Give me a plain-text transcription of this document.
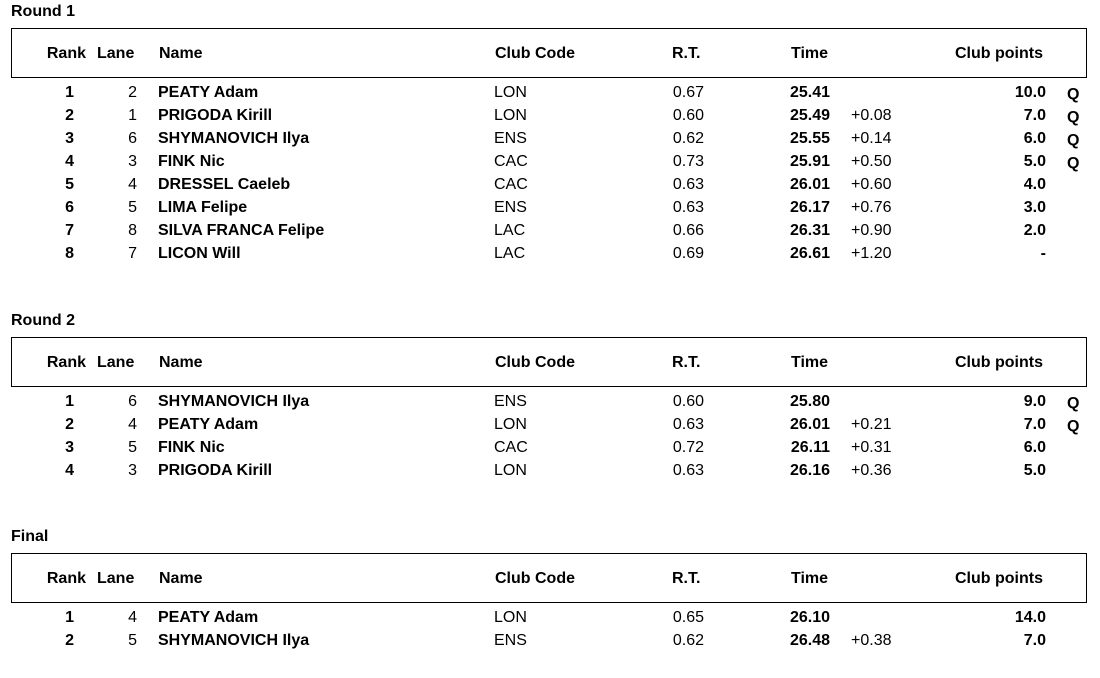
Round 1
Rank Lane Name	Club Code	R.T.	Time	Club points
1	2 PEATY Adam	LON	0.67	25.41	10.0 Q
2	1 PRIGODA Kirill	LON	0.60	25.49 +0.08	7.0 Q
3	6 SHYMANOVICH Ilya	ENS	0.62	25.55 +0.14	6.0 Q
4	3 FINK Nic	CAC	0.73	25.91 +0.50	5.0 Q
5	4 DRESSEL Caeleb	CAC	0.63	26.01 +0.60	4.0
6	5 LIMA Felipe	ENS	0.63	26.17 +0.76	3.0
7	8 SILVA FRANCA Felipe	LAC	0.66	26.31 +0.90	2.0
8	7 LICON Will	LAC	0.69	26.61 +1.20	-
Round 2
Rank Lane Name	Club Code	R.T.	Time	Club points
1	6 SHYMANOVICH Ilya	ENS	0.60	25.80	9.0 Q
2	4 PEATY Adam	LON	0.63	26.01 +0.21	7.0 Q
3	5 FINK Nic	CAC	0.72	26.11 +0.31	6.0
4	3 PRIGODA Kirill	LON	0.63	26.16 +0.36	5.0
Final
Rank Lane Name	Club Code	R.T.	Time	Club points
1	4 PEATY Adam	LON	0.65	26.10	14.0
2	5 SHYMANOVICH Ilya	ENS	0.62	26.48 +0.38	7.0
